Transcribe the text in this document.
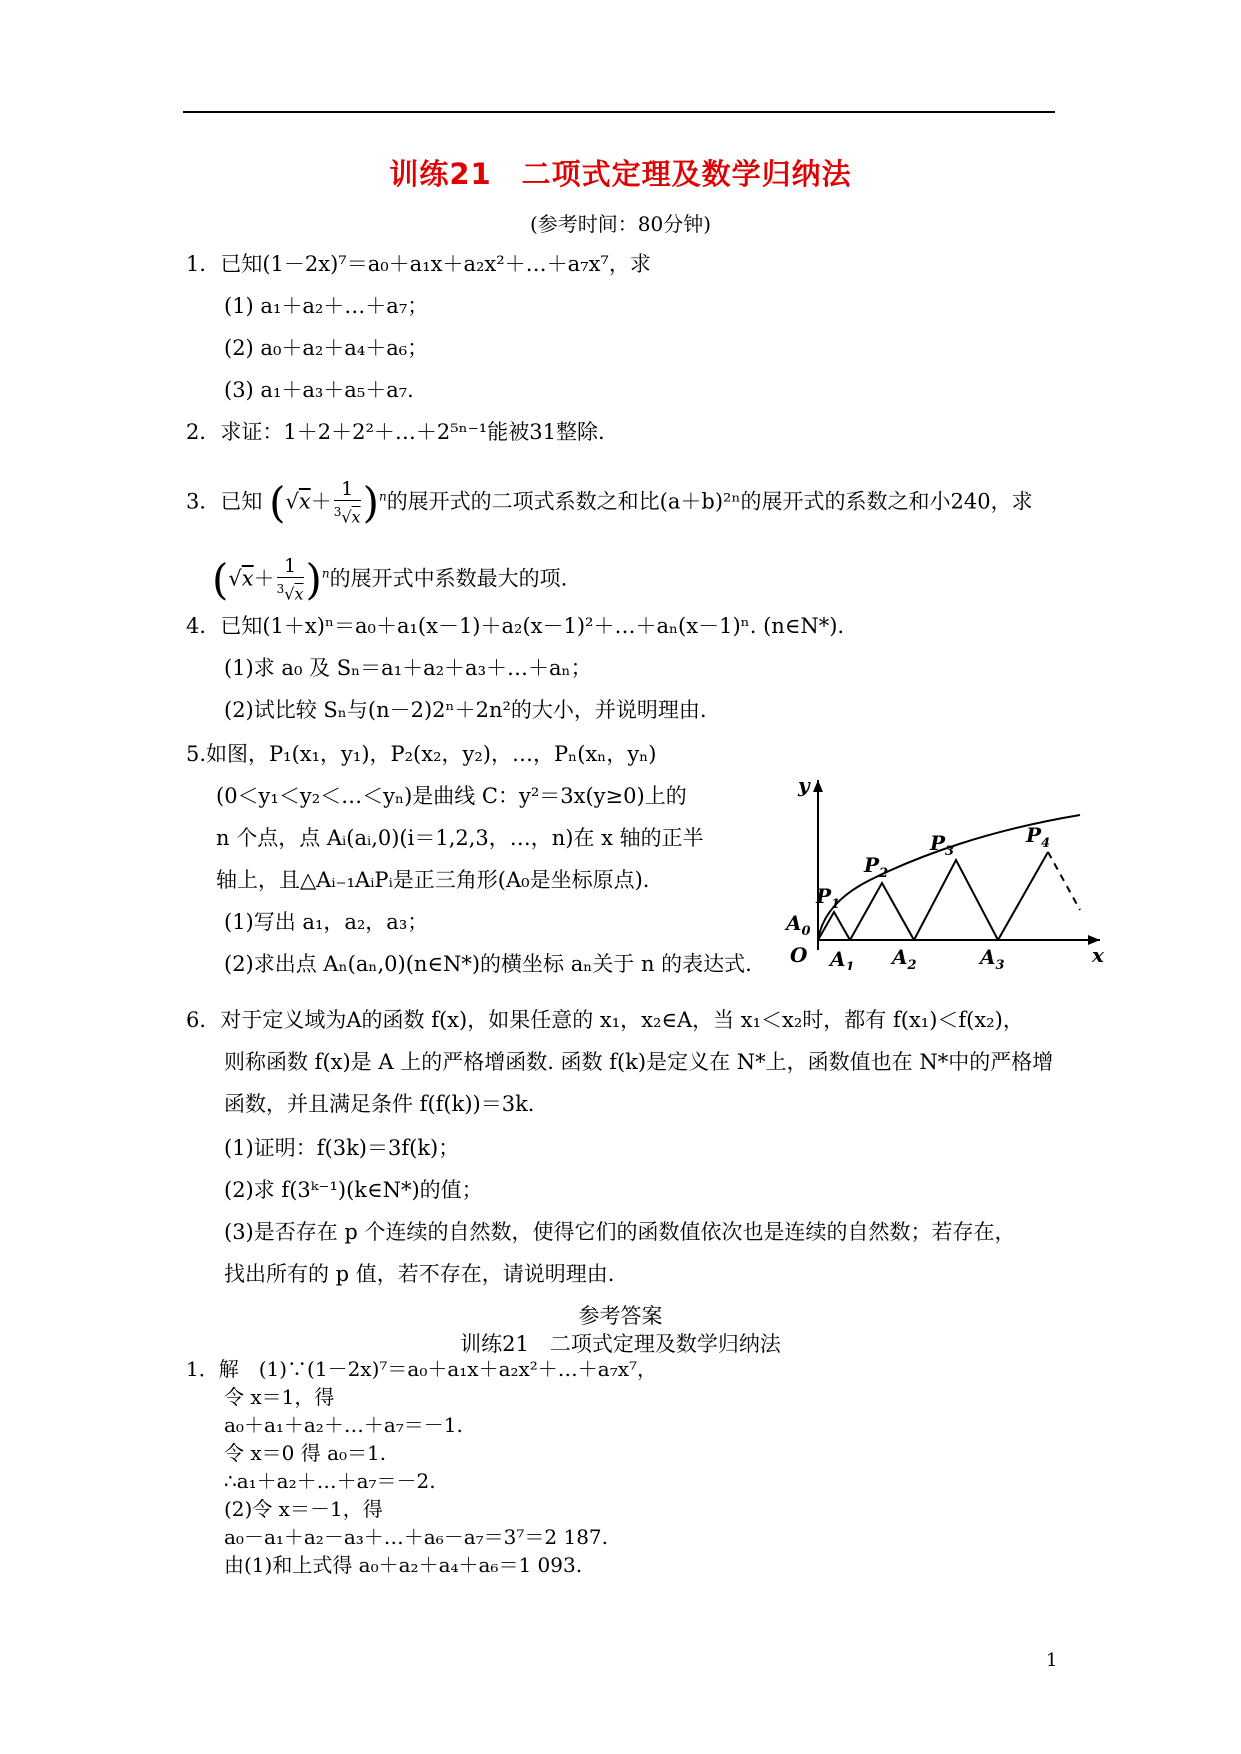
训练21　二项式定理及数学归纳法
(参考时间：80分钟)
1．已知(1－2x)⁷＝a₀＋a₁x＋a₂x²＋…＋a₇x⁷，求
(1) a₁＋a₂＋…＋a₇；
(2) a₀＋a₂＋a₄＋a₆；
(3) a₁＋a₃＋a₅＋a₇.
2．求证：1＋2＋2²＋…＋2⁵ⁿ⁻¹能被31整除.
3．已知 $(√x+ \frac{1}{^3√x} )^n$的展开式的二项式系数之和比(a＋b)²ⁿ的展开式的系数之和小240，求
$(√x+ \frac{1}{^3√x} )^n$的展开式中系数最大的项.
4．已知(1＋x)ⁿ＝a₀＋a₁(x－1)＋a₂(x－1)²＋…＋aₙ(x－1)ⁿ. (n∈N*).
(1)求 a₀ 及 Sₙ＝a₁＋a₂＋a₃＋…＋aₙ；
(2)试比较 Sₙ与(n－2)2ⁿ＋2n²的大小，并说明理由.
5.如图，P₁(x₁，y₁)，P₂(x₂，y₂)，…，Pₙ(xₙ，yₙ)
(0＜y₁＜y₂＜…＜yₙ)是曲线 C：y²＝3x(y≥0)上的
n 个点，点 Aᵢ(aᵢ,0)(i＝1,2,3，…，n)在 x 轴的正半
轴上，且△Aᵢ₋₁AᵢPᵢ是正三角形(A₀是坐标原点).
(1)写出 a₁，a₂，a₃；
(2)求出点 Aₙ(aₙ,0)(n∈N*)的横坐标 aₙ关于 n 的表达式.
y
x
O
$A_0$
$A_1$ $A_2$	$A_3$
$P_1$
$P_2$
$P_3$
$P_4$
6．对于定义域为A的函数 f(x)，如果任意的 x₁，x₂∈A，当 x₁＜x₂时，都有 f(x₁)＜f(x₂)，
则称函数 f(x)是 A 上的严格增函数. 函数 f(k)是定义在 N*上，函数值也在 N*中的严格增
函数，并且满足条件 f(f(k))＝3k.
(1)证明：f(3k)＝3f(k)；
(2)求 f(3ᵏ⁻¹)(k∈N*)的值；
(3)是否存在 p 个连续的自然数，使得它们的函数值依次也是连续的自然数；若存在，
找出所有的 p 值，若不存在，请说明理由.
参考答案
训练21　二项式定理及数学归纳法
1．解　(1)∵(1－2x)⁷＝a₀＋a₁x＋a₂x²＋…＋a₇x⁷，
令 x＝1，得
a₀＋a₁＋a₂＋…＋a₇＝－1.
令 x＝0 得 a₀＝1.
∴a₁＋a₂＋…＋a₇＝－2.
(2)令 x＝－1，得
a₀－a₁＋a₂－a₃＋…＋a₆－a₇＝3⁷＝2 187.
由(1)和上式得 a₀＋a₂＋a₄＋a₆＝1 093.
1
